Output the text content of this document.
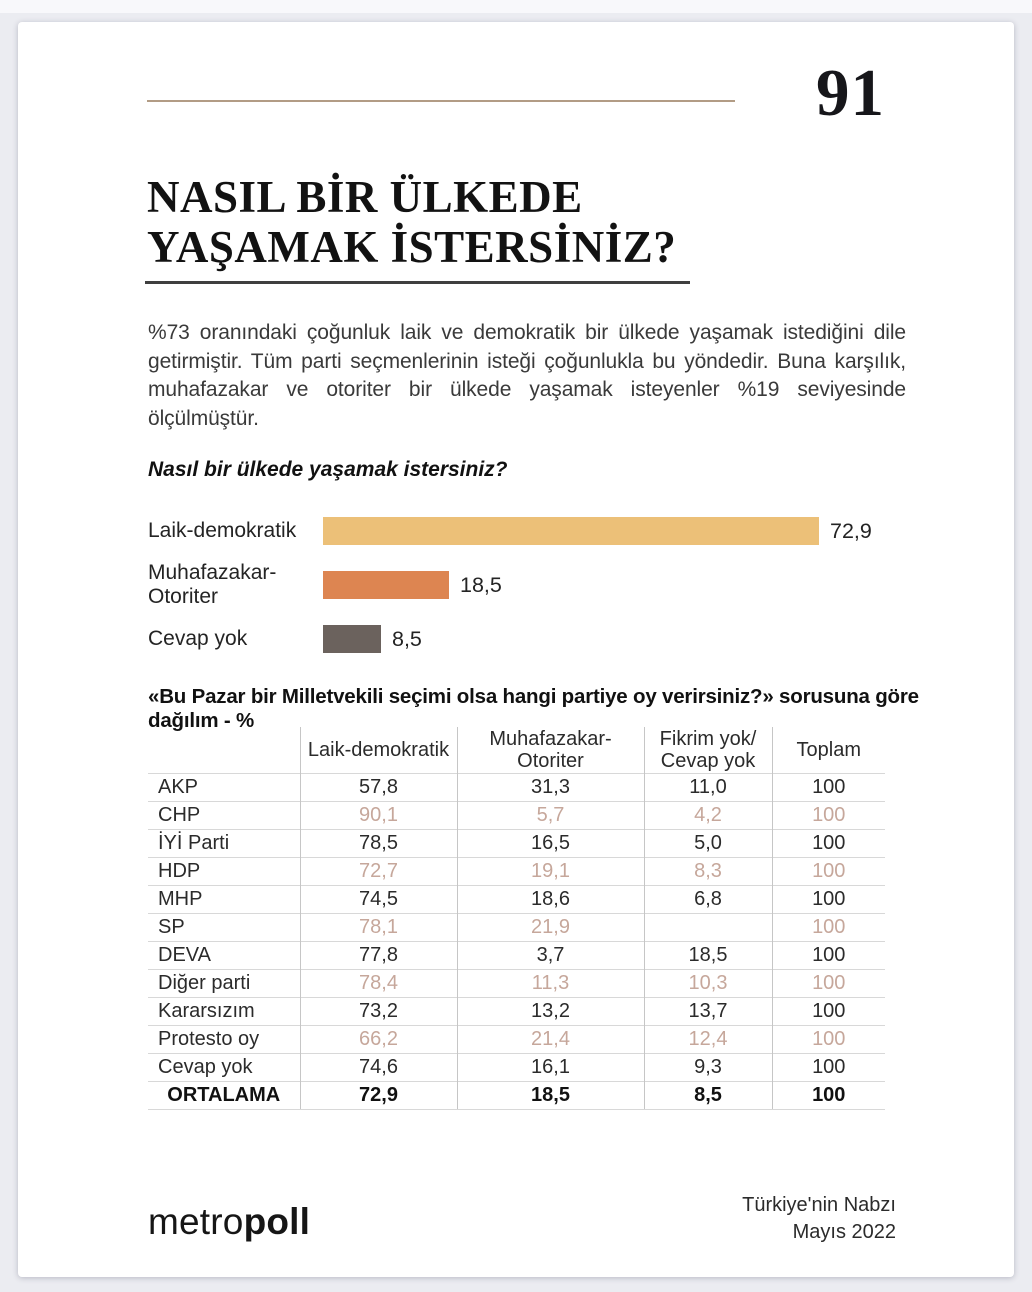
91
NASIL BİR ÜLKEDE
YAŞAMAK İSTERSİNİZ?

%73 oranındaki çoğunluk laik ve demokratik bir ülkede yaşamak istediğini dile getirmiştir. Tüm parti seçmenlerinin isteği çoğunlukla bu yöndedir. Buna karşılık, muhafazakar ve otoriter bir ülkede yaşamak isteyenler %19 seviyesinde ölçülmüştür.

Nasıl bir ülkede yaşamak istersiniz?
Laik-demokratik	72,9
Muhafazakar-Otoriter	18,5
Cevap yok	8,5
«Bu Pazar bir Milletvekili seçimi olsa hangi partiye oy verirsiniz?» sorusuna göre dağılım - %
	Laik-demokratik	Muhafazakar-Otoriter	Fikrim yok/
Cevap yok	Toplam
AKP	57,8	31,3	11,0	100
CHP	90,1	5,7	4,2	100
İYİ Parti	78,5	16,5	5,0	100
HDP	72,7	19,1	8,3	100
MHP	74,5	18,6	6,8	100
SP	78,1	21,9		100
DEVA	77,8	3,7	18,5	100
Diğer parti	78,4	11,3	10,3	100
Kararsızım	73,2	13,2	13,7	100
Protesto oy	66,2	21,4	12,4	100
Cevap yok	74,6	16,1	9,3	100
ORTALAMA	72,9	18,5	8,5	100
metropoll	Türkiye'nin Nabzı
Mayıs 2022
